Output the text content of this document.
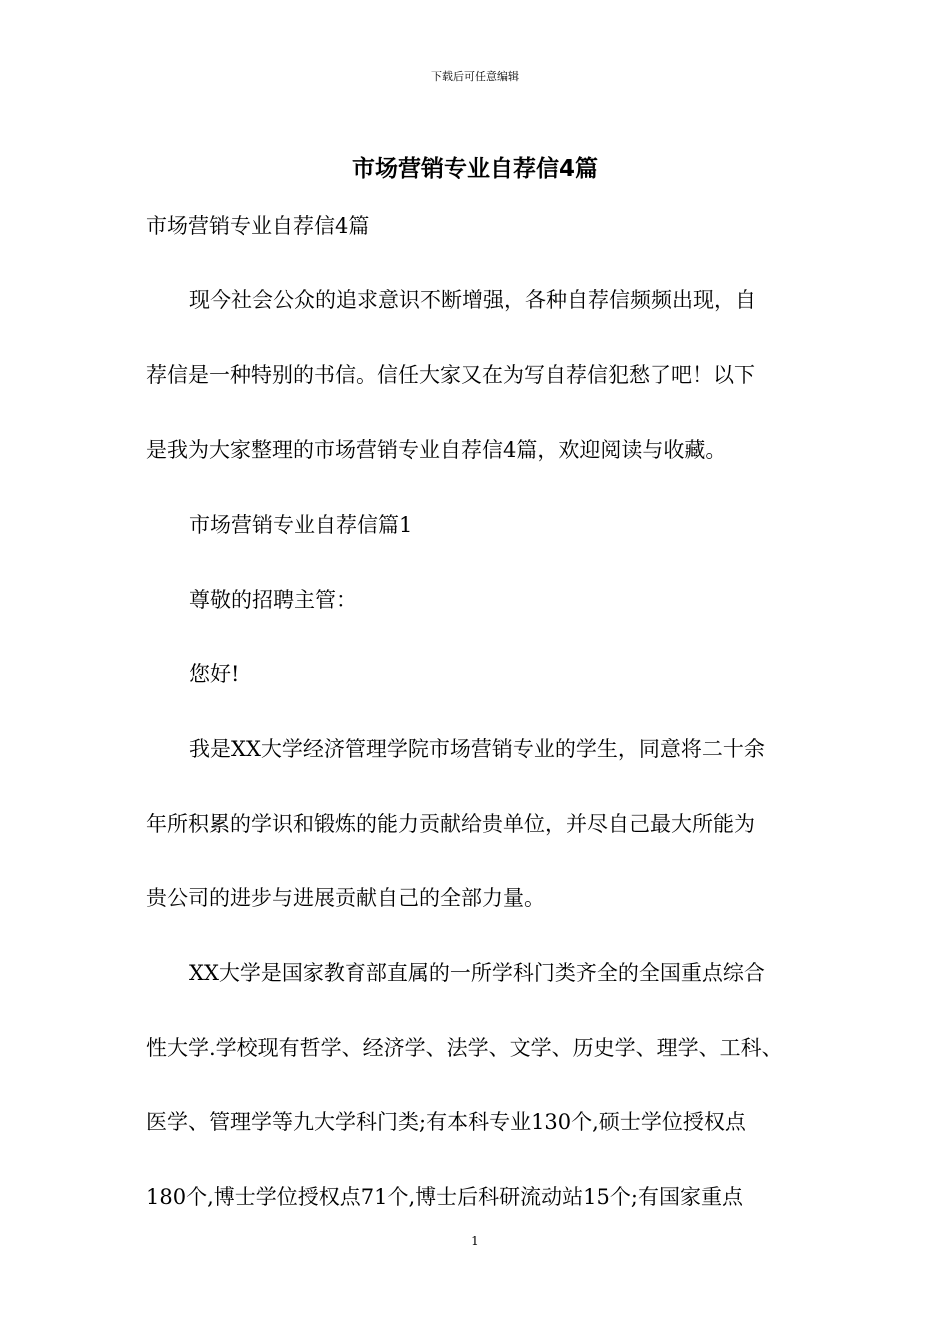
下载后可任意编辑
市场营销专业自荐信4篇
市场营销专业自荐信4篇
现今社会公众的追求意识不断增强，各种自荐信频频出现，自
荐信是一种特别的书信。信任大家又在为写自荐信犯愁了吧！以下
是我为大家整理的市场营销专业自荐信4篇，欢迎阅读与收藏。
市场营销专业自荐信篇1
尊敬的招聘主管：
您好!
我是XX大学经济管理学院市场营销专业的学生，同意将二十余
年所积累的学识和锻炼的能力贡献给贵单位，并尽自己最大所能为
贵公司的进步与进展贡献自己的全部力量。
XX大学是国家教育部直属的一所学科门类齐全的全国重点综合
性大学.学校现有哲学、经济学、法学、文学、历史学、理学、工科、
医学、管理学等九大学科门类;有本科专业130个,硕士学位授权点
180个,博士学位授权点71个,博士后科研流动站15个;有国家重点
1
